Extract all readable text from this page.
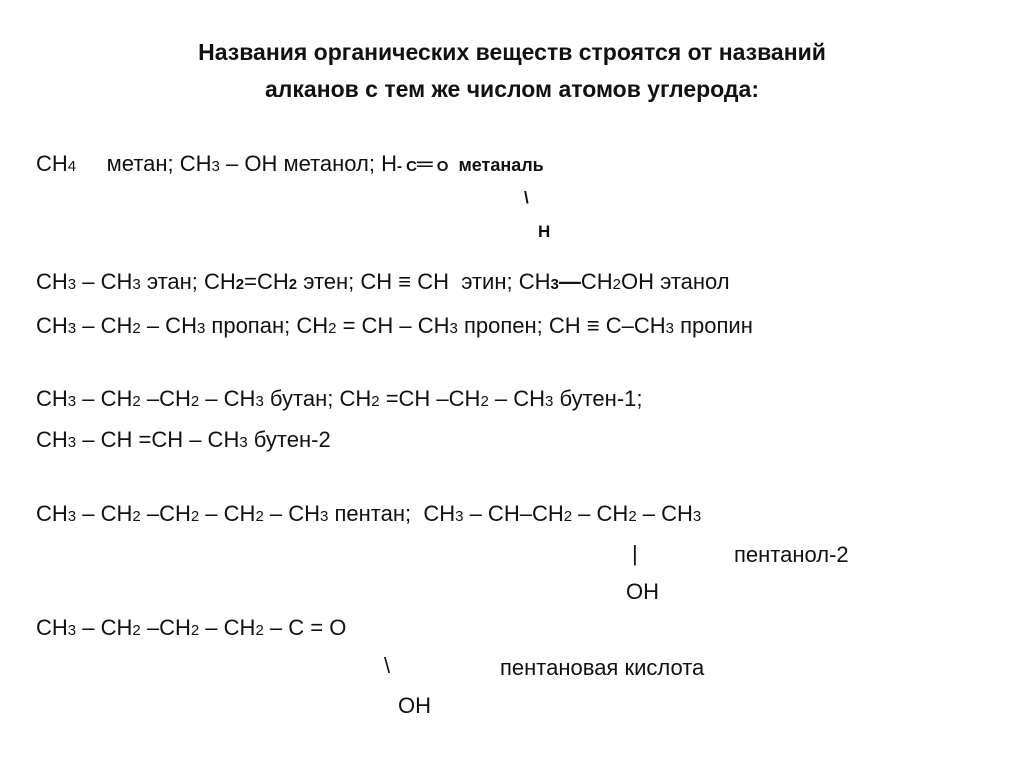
Названия органических веществ строятся от названий
алканов с тем же числом атомов углерода:
CH4     метан; CH3 – OH метанол; H- C═ O  метаналь
\
H
CH3 – CH3 этан; CH2=CH2 этен; CH ≡ CH  этин; CH3—CH2OH этанол
CH3 – CH2 – CH3 пропан; CH2 = CH – CH3 пропен; CH ≡ C–CH3 пропин
CH3 – CH2 –CH2 – CH3 бутан; CH2 =CH –CH2 – CH3 бутен-1;
CH3 – CH =CH – CH3 бутен-2
CH3 – CH2 –CH2 – CH2 – CH3 пентан;  CH3 – CH–CH2 – CH2 – CH3
|	пентанол-2
OH
CH3 – CH2 –CH2 – CH2 – C = O
\	пентановая кислота
OH
